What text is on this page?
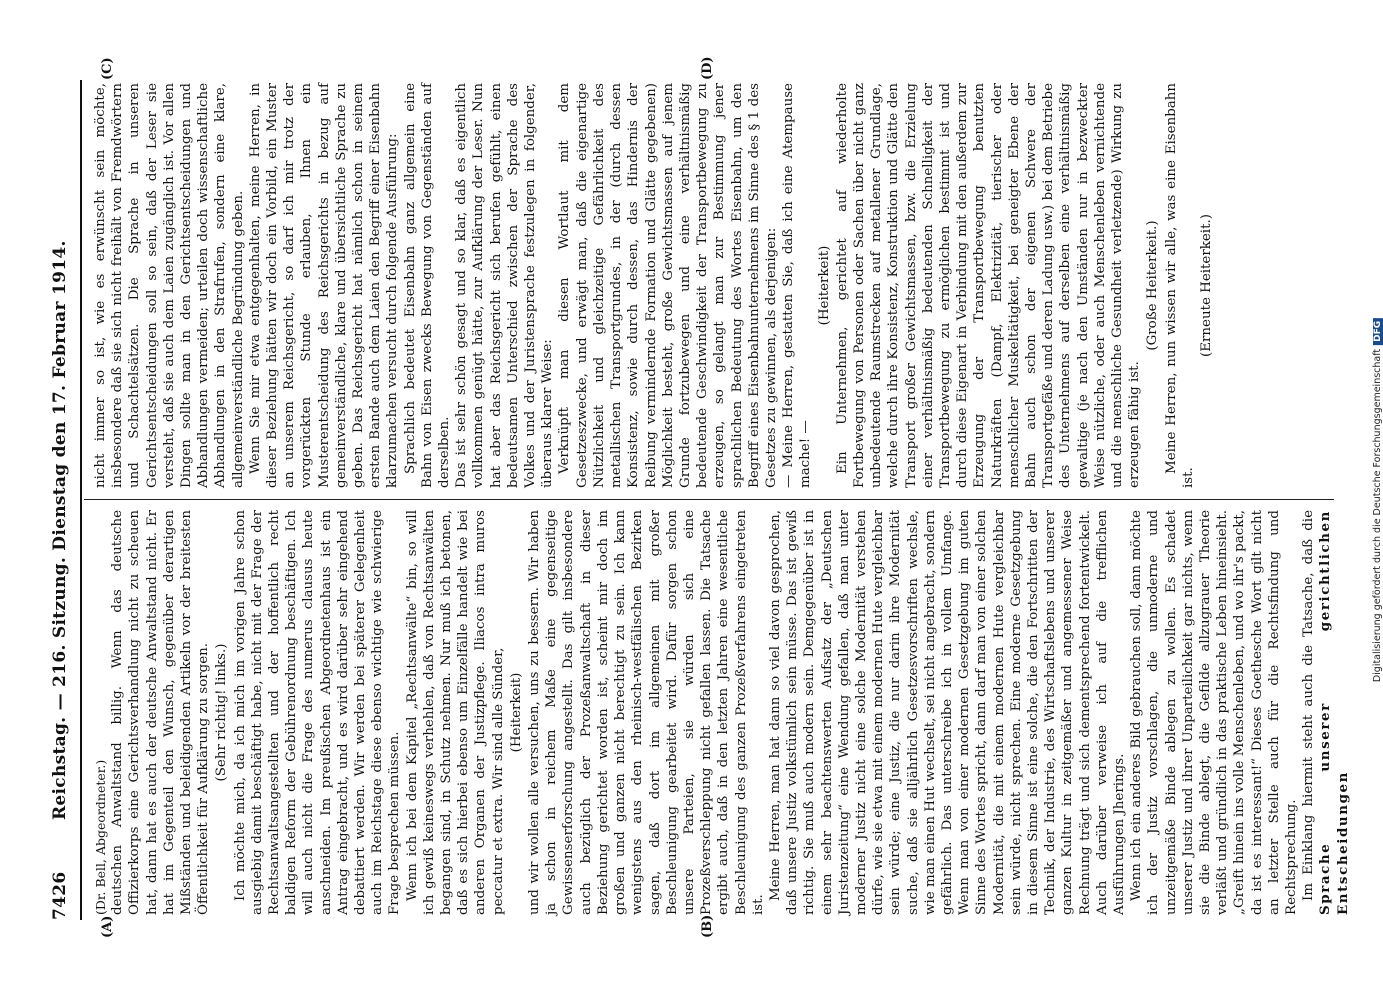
7426
Reichstag. — 216. Sitzung. Dienstag den 17. Februar 1914.
(A)	(B)
(C)	(D)

(Dr. Bell, Abgeordneter.) deutschen Anwaltstand billig. Wenn das deutsche Offizierkorps eine Gerichtsverhandlung nicht zu scheuen hat, dann hat es auch der deutsche Anwaltstand nicht. Er hat im Gegenteil den Wunsch, gegenüber derartigen Mißständen und beleidigenden Artikeln vor der breitesten Öffentlichkeit für Aufklärung zu sorgen. (Sehr richtig! links.) Ich möchte mich, da ich mich im vorigen Jahre schon ausgiebig damit beschäftigt habe, nicht mit der Frage der Rechtsanwaltsangestellten und der hoffentlich recht baldigen Reform der Gebührenordnung beschäftigen. Ich will auch nicht die Frage des numerus clausus heute anschneiden. Im preußischen Abgeordnetenhaus ist ein Antrag eingebracht, und es wird darüber sehr eingehend debattiert werden. Wir werden bei späterer Gelegenheit auch im Reichstage diese ebenso wichtige wie schwierige Frage besprechen müssen. Wenn ich bei dem Kapitel „Rechtsanwälte“ bin, so will ich gewiß keineswegs verhehlen, daß von Rechtsanwälten begangen sind, in Schutz nehmen. Nur muß ich betonen, daß es sich hierbei ebenso um Einzelfälle handelt wie bei anderen Organen der Justizpflege. Iliacos intra muros peccatur et extra. Wir sind alle Sünder, (Heiterkeit) und wir wollen alle versuchen, uns zu bessern. Wir haben ja schon in reichem Maße eine gegenseitige Gewissenserforschung angestellt. Das gilt insbesondere auch bezüglich der Prozeßanwaltschaft in dieser Beziehung gerichtet worden ist, scheint mir doch im großen und ganzen nicht berechtigt zu sein. Ich kann wenigstens aus den rheinisch-westfälischen Bezirken sagen, daß dort im allgemeinen mit großer Beschleunigung gearbeitet wird. Dafür sorgen schon unsere Parteien, sie würden sich eine Prozeßverschleppung nicht gefallen lassen. Die Tatsache ergibt auch, daß in den letzten Jahren eine wesentliche Beschleunigung des ganzen Prozeßverfahrens eingetreten ist.

Meine Herren, man hat dann so viel davon gesprochen, daß unsere Justiz volkstümlich sein müsse. Das ist gewiß richtig. Sie muß auch modern sein. Demgegenüber ist in einem sehr beachtenswerten Aufsatz der „Deutschen Juristenzeitung“ eine Wendung gefallen, daß man unter moderner Justiz nicht eine solche Modernität verstehen dürfe, wie sie etwa mit einem modernen Hute vergleichbar sein würde; eine Justiz, die nur darin ihre Modernität suche, daß sie alljährlich Gesetzesvorschriften wechsle, wie man einen Hut wechselt, sei nicht angebracht, sondern gefährlich. Das unterschreibe ich in vollem Umfange. Wenn man von einer modernen Gesetzgebung im guten Sinne des Wortes spricht, dann darf man von einer solchen Modernität, die mit einem modernen Hute vergleichbar sein würde, nicht sprechen. Eine moderne Gesetzgebung in diesem Sinne ist eine solche, die den Fortschritten der Technik, der Industrie, des Wirtschaftslebens und unserer ganzen Kultur in zeitgemäßer und angemessener Weise Rechnung trägt und sich dementsprechend fortentwickelt. Auch darüber verweise ich auf die trefflichen Ausführungen Jherings. Wenn ich ein anderes Bild gebrauchen soll, dann möchte ich der Justiz vorschlagen, die unmoderne und unzeitgemäße Binde ablegen zu wollen. Es schadet unserer Justiz und ihrer Unparteilichkeit gar nichts, wenn sie die Binde ablegt, die Gefilde allzugrauer Theorie verläßt und gründlich in das praktische Leben hineinsieht. „Greift hinein ins volle Menschenleben, und wo ihr's packt, da ist es interessant!“ Dieses Goethesche Wort gilt nicht an letzter Stelle auch für die Rechtsfindung und Rechtsprechung. Im Einklang hiermit steht auch die Tatsache, daß die Sprache unserer gerichtlichen Entscheidungen

nicht immer so ist, wie es erwünscht sein möchte, insbesondere daß sie sich nicht freihält von Fremdwörtern und Schachtelsätzen. Die Sprache in unseren Gerichtsentscheidungen soll so sein, daß der Leser sie versteht, daß sie auch dem Laien zugänglich ist. Vor allen Dingen sollte man in den Gerichtsentscheidungen und Abhandlungen vermeiden; urteilen doch wissenschaftliche Abhandlungen in den Strafrufen, sondern eine klare, allgemeinverständliche Begründung geben. Wenn Sie mir etwa entgegenhalten, meine Herren, in dieser Beziehung hätten wir doch ein Vorbild, ein Muster an unserem Reichsgericht, so darf ich mir trotz der vorgerückten Stunde erlauben, Ihnen ein Musterentscheidung des Reichsgerichts in bezug auf gemeinverständliche, klare und übersichtliche Sprache zu geben. Das Reichsgericht hat nämlich schon in seinem ersten Bande auch dem Laien den Begriff einer Eisenbahn klarzumachen versucht durch folgende Ausführung: Sprachlich bedeutet Eisenbahn ganz allgemein eine Bahn von Eisen zwecks Bewegung von Gegenständen auf derselben. Das ist sehr schön gesagt und so klar, daß es eigentlich vollkommen genügt hätte, zur Aufklärung der Leser. Nun hat aber das Reichsgericht sich berufen gefühlt, einen bedeutsamen Unterschied zwischen der Sprache des Volkes und der Juristensprache festzulegen in folgender, überaus klarer Weise: Verknüpft man diesen Wortlaut mit dem Gesetzeszwecke, und erwägt man, daß die eigenartige Nützlichkeit und gleichzeitige Gefährlichkeit des metallischen Transportgrundes, in der (durch dessen Konsistenz, sowie durch dessen, das Hindernis der Reibung vermindernde Formation und Glätte gegebenen) Möglichkeit besteht, große Gewichtsmassen auf jenem Grunde fortzubewegen und eine verhältnismäßig bedeutende Geschwindigkeit der Transportbewegung zu erzeugen, so gelangt man zur Bestimmung jener sprachlichen Bedeutung des Wortes Eisenbahn, um den Begriff eines Eisenbahnunternehmens im Sinne des § 1 des Gesetzes zu gewinnen, als derjenigen: — Meine Herren, gestatten Sie, daß ich eine Atempause mache! —

(Heiterkeit) Ein Unternehmen, gerichtet auf wiederholte Fortbewegung von Personen oder Sachen über nicht ganz unbedeutende Raumstrecken auf metallener Grundlage, welche durch ihre Konsistenz, Konstruktion und Glätte den Transport großer Gewichtsmassen, bzw. die Erzielung einer verhältnismäßig bedeutenden Schnelligkeit der Transportbewegung zu ermöglichen bestimmt ist und durch diese Eigenart in Verbindung mit den außerdem zur Erzeugung der Transportbewegung benutzten Naturkräften (Dampf, Elektrizität, tierischer oder menschlicher Muskeltätigkeit, bei geneigter Ebene der Bahn auch schon der eigenen Schwere der Transportgefäße und deren Ladung usw.) bei dem Betriebe des Unternehmens auf derselben eine verhältnismäßig gewaltige (je nach den Umständen nur in bezweckter Weise nützliche, oder auch Menschenleben vernichtende und die menschliche Gesundheit verletzende) Wirkung zu erzeugen fähig ist.

(Große Heiterkeit.) Meine Herren, nun wissen wir alle, was eine Eisenbahn ist.

(Erneute Heiterkeit.)

Digitalisierung gefördert durch die Deutsche ForschungsgemeinschaftDFG
